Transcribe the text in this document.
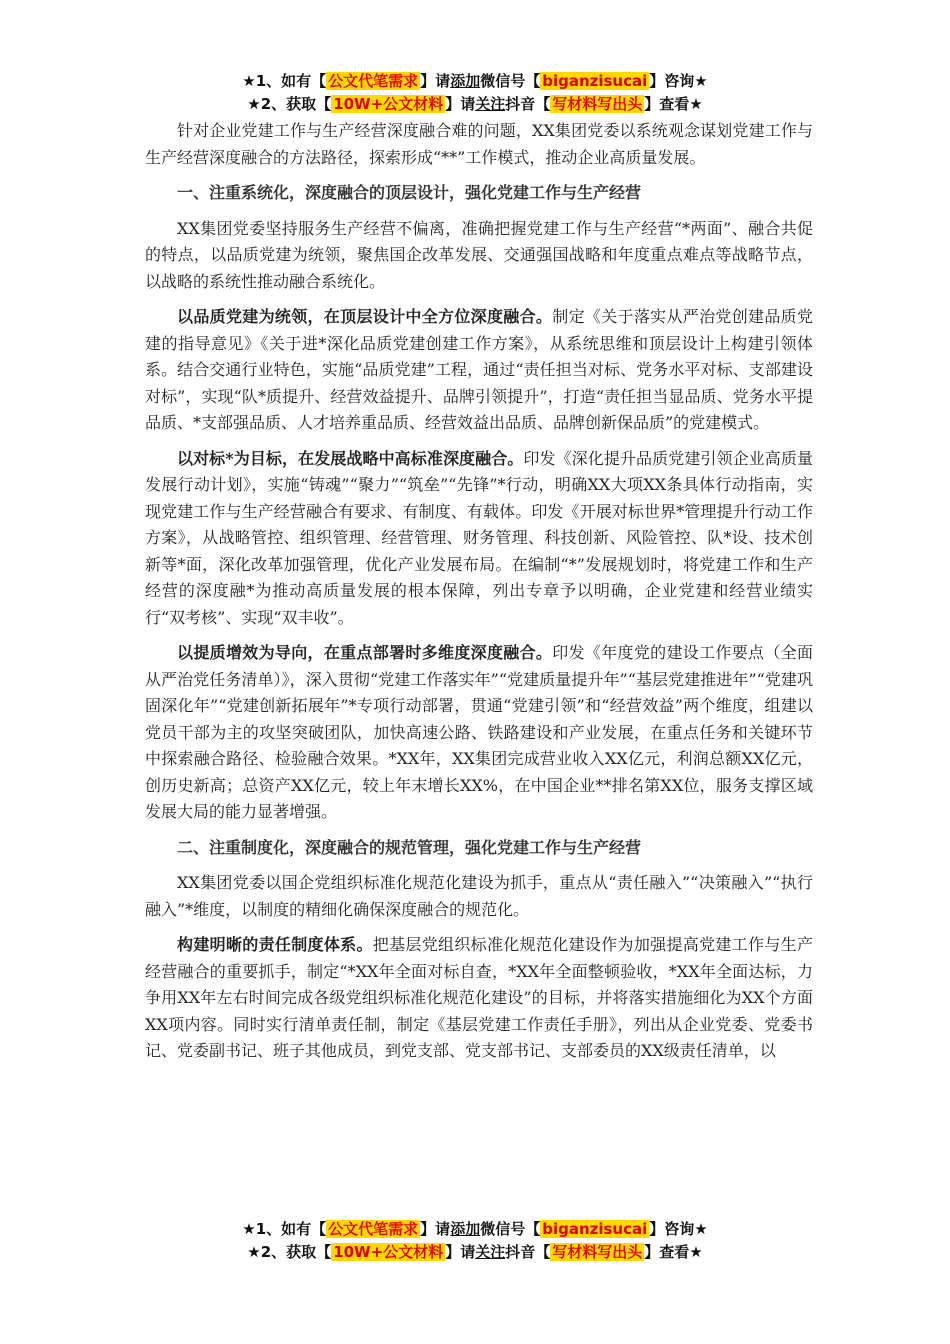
★1、如有【 公文代笔需求 】请添加微信号【 biganzisucai 】咨询★
★2、获取【 10W+公文材料 】请关注抖音【 写材料写出头 】查看★

针对企业党建工作与生产经营深度融合难的问题，XX集团党委以系统观念谋划党建工作与生产经营深度融合的方法路径，探索形成“**”工作模式，推动企业高质量发展。

一、注重系统化，深度融合的顶层设计，强化党建工作与生产经营

XX集团党委坚持服务生产经营不偏离，准确把握党建工作与生产经营“*两面”、融合共促的特点，以品质党建为统领，聚焦国企改革发展、交通强国战略和年度重点难点等战略节点，以战略的系统性推动融合系统化。

以品质党建为统领，在顶层设计中全方位深度融合。制定《关于落实从严治党创建品质党建的指导意见》《关于进*深化品质党建创建工作方案》，从系统思维和顶层设计上构建引领体系。结合交通行业特色，实施“品质党建”工程，通过“责任担当对标、党务水平对标、支部建设对标”，实现“队*质提升、经营效益提升、品牌引领提升”，打造“责任担当显品质、党务水平提品质、*支部强品质、人才培养重品质、经营效益出品质、品牌创新保品质”的党建模式。

以对标*为目标，在发展战略中高标准深度融合。印发《深化提升品质党建引领企业高质量发展行动计划》，实施“铸魂”“聚力”“筑垒”“先锋”*行动，明确XX大项XX条具体行动指南，实现党建工作与生产经营融合有要求、有制度、有载体。印发《开展对标世界*管理提升行动工作方案》，从战略管控、组织管理、经营管理、财务管理、科技创新、风险管控、队*设、技术创新等*面，深化改革加强管理，优化产业发展布局。在编制“*”发展规划时，将党建工作和生产经营的深度融*为推动高质量发展的根本保障，列出专章予以明确，企业党建和经营业绩实行“双考核”、实现“双丰收”。

以提质增效为导向，在重点部署时多维度深度融合。印发《年度党的建设工作要点（全面从严治党任务清单）》，深入贯彻“党建工作落实年”“党建质量提升年”“基层党建推进年”“党建巩固深化年”“党建创新拓展年”*专项行动部署，贯通“党建引领”和“经营效益”两个维度，组建以党员干部为主的攻坚突破团队，加快高速公路、铁路建设和产业发展，在重点任务和关键环节中探索融合路径、检验融合效果。*XX年，XX集团完成营业收入XX亿元，利润总额XX亿元，创历史新高；总资产XX亿元，较上年末增长XX%，在中国企业**排名第XX位，服务支撑区域发展大局的能力显著增强。

二、注重制度化，深度融合的规范管理，强化党建工作与生产经营

XX集团党委以国企党组织标准化规范化建设为抓手，重点从“责任融入”“决策融入”“执行融入”*维度，以制度的精细化确保深度融合的规范化。

构建明晰的责任制度体系。把基层党组织标准化规范化建设作为加强提高党建工作与生产经营融合的重要抓手，制定“*XX年全面对标自查，*XX年全面整顿验收，*XX年全面达标，力争用XX年左右时间完成各级党组织标准化规范化建设”的目标，并将落实措施细化为XX个方面XX项内容。同时实行清单责任制，制定《基层党建工作责任手册》，列出从企业党委、党委书记、党委副书记、班子其他成员，到党支部、党支部书记、支部委员的XX级责任清单，以

★1、如有【 公文代笔需求 】请添加微信号【 biganzisucai 】咨询★
★2、获取【 10W+公文材料 】请关注抖音【 写材料写出头 】查看★
